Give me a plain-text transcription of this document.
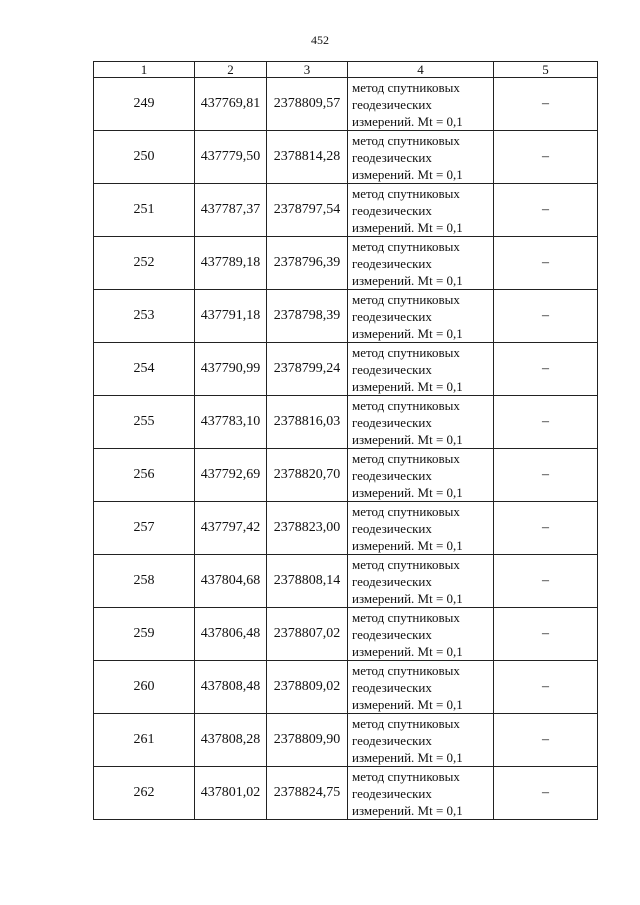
452
1	2	3	4	5
249	437769,81	2378809,57	метод спутниковых
геодезических
измерений. Mt = 0,1	–
250	437779,50	2378814,28	метод спутниковых
геодезических
измерений. Mt = 0,1	–
251	437787,37	2378797,54	метод спутниковых
геодезических
измерений. Mt = 0,1	–
252	437789,18	2378796,39	метод спутниковых
геодезических
измерений. Mt = 0,1	–
253	437791,18	2378798,39	метод спутниковых
геодезических
измерений. Mt = 0,1	–
254	437790,99	2378799,24	метод спутниковых
геодезических
измерений. Mt = 0,1	–
255	437783,10	2378816,03	метод спутниковых
геодезических
измерений. Mt = 0,1	–
256	437792,69	2378820,70	метод спутниковых
геодезических
измерений. Mt = 0,1	–
257	437797,42	2378823,00	метод спутниковых
геодезических
измерений. Mt = 0,1	–
258	437804,68	2378808,14	метод спутниковых
геодезических
измерений. Mt = 0,1	–
259	437806,48	2378807,02	метод спутниковых
геодезических
измерений. Mt = 0,1	–
260	437808,48	2378809,02	метод спутниковых
геодезических
измерений. Mt = 0,1	–
261	437808,28	2378809,90	метод спутниковых
геодезических
измерений. Mt = 0,1	–
262	437801,02	2378824,75	метод спутниковых
геодезических
измерений. Mt = 0,1	–
